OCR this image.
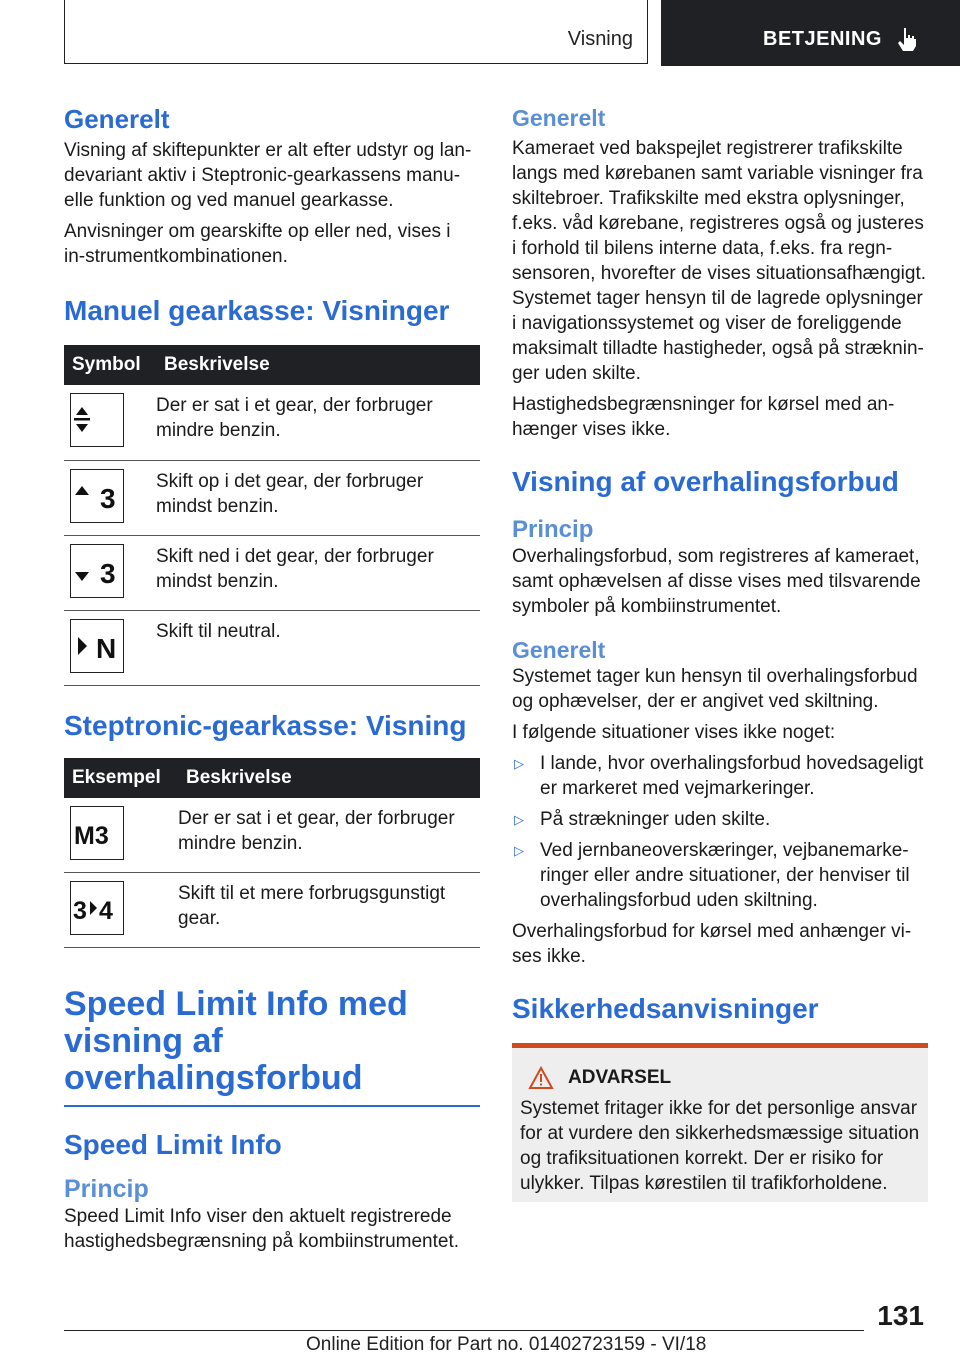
Visning	BETJENING
Generelt

Visning af skiftepunkter er alt efter udstyr og lan-devariant aktiv i Steptronic-gearkassens manu-elle funktion og ved manuel gearkasse.

Anvisninger om gearskifte op eller ned, vises i in-strumentkombinationen.

Manuel gearkasse: Visninger
Symbol	Beskrivelse

	Der er sat i et gear, der forbruger mindre benzin.

3	Skift op i det gear, der forbruger mindst benzin.

3	Skift ned i det gear, der forbruger mindst benzin.

N	Skift til neutral.
Steptronic-gearkasse: Visning
Eksempel	Beskrivelse

M3	Der er sat i et gear, der forbruger mindre benzin.

3 4	Skift til et mere forbrugsgunstigt gear.
Speed Limit Info med visning af overhalingsforbud
Speed Limit Info
Princip

Speed Limit Info viser den aktuelt registrerede hastighedsbegrænsning på kombiinstrumentet.

Generelt

Kameraet ved bakspejlet registrerer trafikskilte langs med kørebanen samt variable visninger fra skiltebroer. Trafikskilte med ekstra oplysninger, f.eks. våd kørebane, registreres også og justeres i forhold til bilens interne data, f.eks. fra regn-sensoren, hvorefter de vises situationsafhængigt. Systemet tager hensyn til de lagrede oplysninger i navigationssystemet og viser de foreliggende maksimalt tilladte hastigheder, også på stræknin-ger uden skilte.

Hastighedsbegrænsninger for kørsel med an-hænger vises ikke.

Visning af overhalingsforbud
Princip

Overhalingsforbud, som registreres af kameraet, samt ophævelsen af disse vises med tilsvarende symboler på kombiinstrumentet.

Generelt

Systemet tager kun hensyn til overhalingsforbud og ophævelser, der er angivet ved skiltning.

I følgende situationer vises ikke noget:

▷ I lande, hvor overhalingsforbud hovedsageligt er markeret med vejmarkeringer.
▷ På strækninger uden skilte.
▷ Ved jernbaneoverskæringer, vejbanemarke-ringer eller andre situationer, der henviser til overhalingsforbud uden skiltning.

Overhalingsforbud for kørsel med anhænger vi-ses ikke.

Sikkerhedsanvisninger
ADVARSEL

Systemet fritager ikke for det personlige ansvar for at vurdere den sikkerhedsmæssige situation og trafiksituationen korrekt. Der er risiko for ulykker. Tilpas kørestilen til trafikforholdene.

131
Online Edition for Part no. 01402723159 - VI/18
